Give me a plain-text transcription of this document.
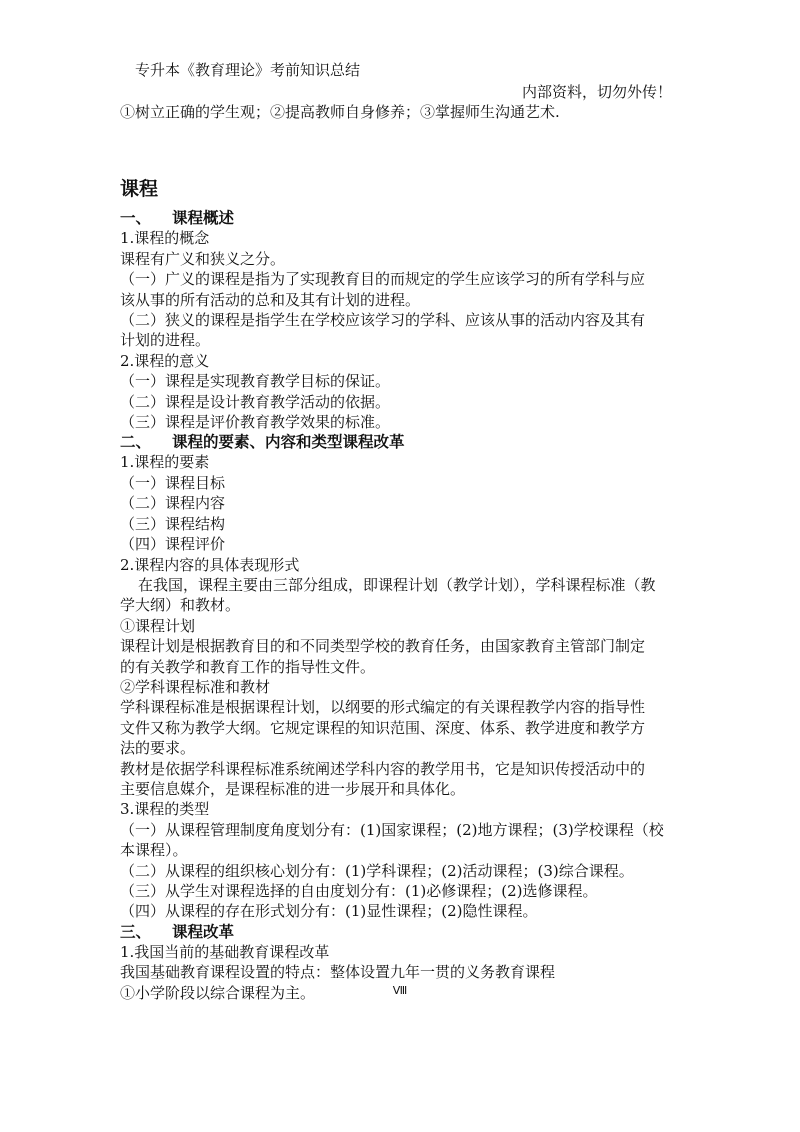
专升本《教育理论》考前知识总结
内部资料，切勿外传！
①树立正确的学生观；②提高教师自身修养；③掌握师生沟通艺术.
课程
一、 课程概述
1.课程的概念
课程有广义和狭义之分。
（一）广义的课程是指为了实现教育目的而规定的学生应该学习的所有学科与应
该从事的所有活动的总和及其有计划的进程。
（二）狭义的课程是指学生在学校应该学习的学科、应该从事的活动内容及其有
计划的进程。
2.课程的意义
（一）课程是实现教育教学目标的保证。
（二）课程是设计教育教学活动的依据。
（三）课程是评价教育教学效果的标准。
二、 课程的要素、内容和类型课程改革
1.课程的要素
（一）课程目标
（二）课程内容
（三）课程结构
（四）课程评价
2.课程内容的具体表现形式
在我国，课程主要由三部分组成，即课程计划（教学计划），学科课程标准（教
学大纲）和教材。
①课程计划
课程计划是根据教育目的和不同类型学校的教育任务，由国家教育主管部门制定
的有关教学和教育工作的指导性文件。
②学科课程标准和教材
学科课程标准是根据课程计划，以纲要的形式编定的有关课程教学内容的指导性
文件又称为教学大纲。它规定课程的知识范围、深度、体系、教学进度和教学方
法的要求。
教材是依据学科课程标准系统阐述学科内容的教学用书，它是知识传授活动中的
主要信息媒介，是课程标准的进一步展开和具体化。
3.课程的类型
（一）从课程管理制度角度划分有：(1)国家课程；(2)地方课程；(3)学校课程（校
本课程）。
（二）从课程的组织核心划分有：(1)学科课程；(2)活动课程；(3)综合课程。
（三）从学生对课程选择的自由度划分有：(1)必修课程；(2)选修课程。
（四）从课程的存在形式划分有：(1)显性课程；(2)隐性课程。
三、 课程改革
1.我国当前的基础教育课程改革
我国基础教育课程设置的特点：整体设置九年一贯的义务教育课程
①小学阶段以综合课程为主。	Ⅷ
